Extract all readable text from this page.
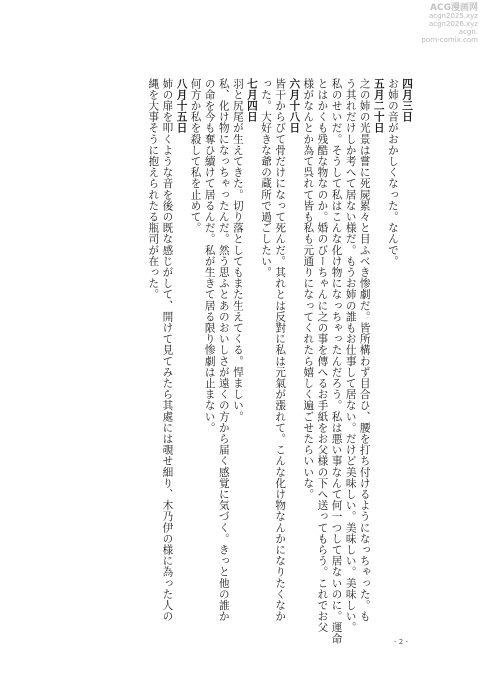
ACG漫画网
acgn2025.xyz
acgn2026.xyz
acgn.
porn-comix.com
四月三日
お姉の音がおかしくなった。なんで。
五月二十日
之の姉の光景は嘗に死屍累々と目ふべき惨劇だ。皆所構わず目合ひ、腰を打ち付けるようになっちゃった。も
う其れだけしか考へて居ない様だ。もうお姉の誰もお仕事して居ない。だけど美味しい。美味しい。美味しい。
私のせいだ。そうして私はこんな化け物になっちゃったんだろう。私は悪い事なんて何一つして居ないのに。運命
とはかくも残酷な物なのか。婚のびーちゃんに之の事を傳へるお手紙をお父様の下へ送ってもらう。これでお父
様がなんとか為て呉れて皆も私も元通りになってくれたら嬉しく遍ごせたらいいな。
六月十八日
皆干からびて骨だけになって死んだ。其れとは反對に私は元氣が漲れて。こんな化け物なんかになりたくなか
った。大好きな爺の蔵所で過ごしたい。
七月四日
羽と尻尾が生えてきた。切り落としてもまた生えてくる。悍ましい。
私、化け物になっちゃったんだ。然う思ふとあのおいしさが遠くの方から届く感覚に気づく。きっと他の誰か
の命を今も奪ひ續けて居るんだ。私が生きて居る限り惨劇は止まない。
何方か私を殺して私を止めて。
八月十五日
姉の扉を叩くような音を後の既な感じがして、開けて見てみたら其處には覗せ細り、木乃伊の様に為った人の
縄を大事そうに抱えられたる瓶司が在った。
- 2 -
